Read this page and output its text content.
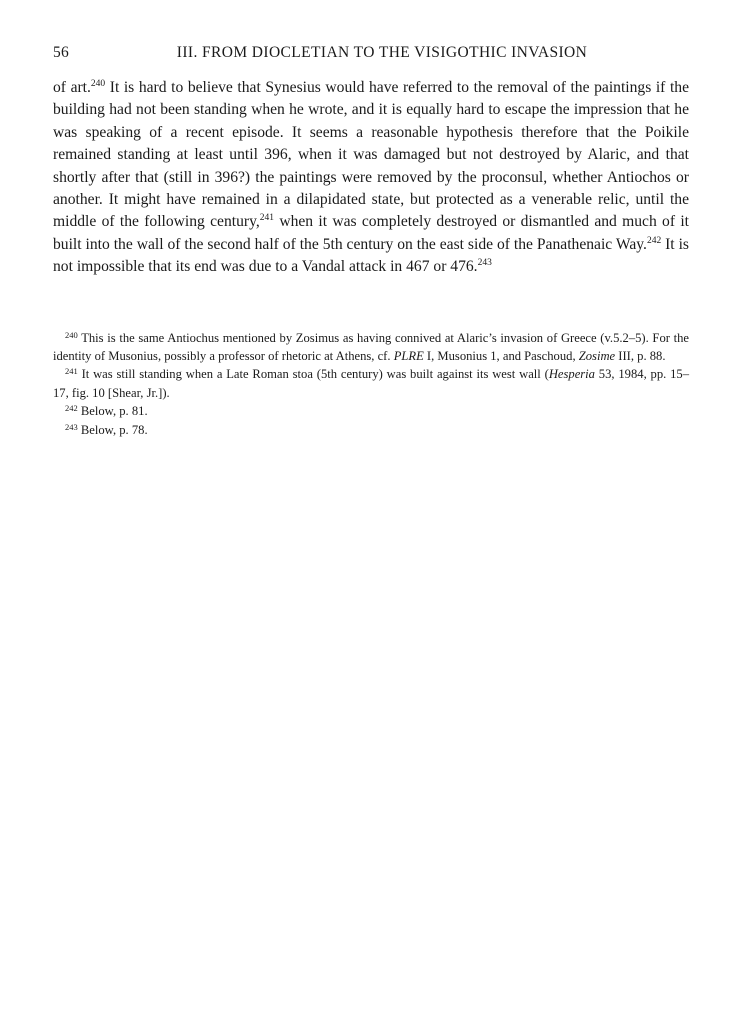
56	III. FROM DIOCLETIAN TO THE VISIGOTHIC INVASION

of art.$^{240}$ It is hard to believe that Synesius would have referred to the removal of the paintings if the building had not been standing when he wrote, and it is equally hard to escape the impression that he was speaking of a recent episode. It seems a reasonable hypothesis therefore that the Poikile remained standing at least until 396, when it was damaged but not destroyed by Alaric, and that shortly after that (still in 396?) the paintings were removed by the proconsul, whether Antiochos or another. It might have remained in a dilapidated state, but protected as a venerable relic, until the middle of the following century,$^{241}$ when it was completely destroyed or dismantled and much of it built into the wall of the second half of the 5th century on the east side of the Panathenaic Way.$^{242}$ It is not impossible that its end was due to a Vandal attack in 467 or 476.$^{243}$

$^{240}$ This is the same Antiochus mentioned by Zosimus as having connived at Alaric’s invasion of Greece (v.5.2–5). For the identity of Musonius, possibly a professor of rhetoric at Athens, cf. PLRE I, Musonius 1, and Paschoud, Zosime III, p. 88.

$^{241}$ It was still standing when a Late Roman stoa (5th century) was built against its west wall (Hesperia 53, 1984, pp. 15–17, fig. 10 [Shear, Jr.]).

$^{242}$ Below, p. 81.

$^{243}$ Below, p. 78.
